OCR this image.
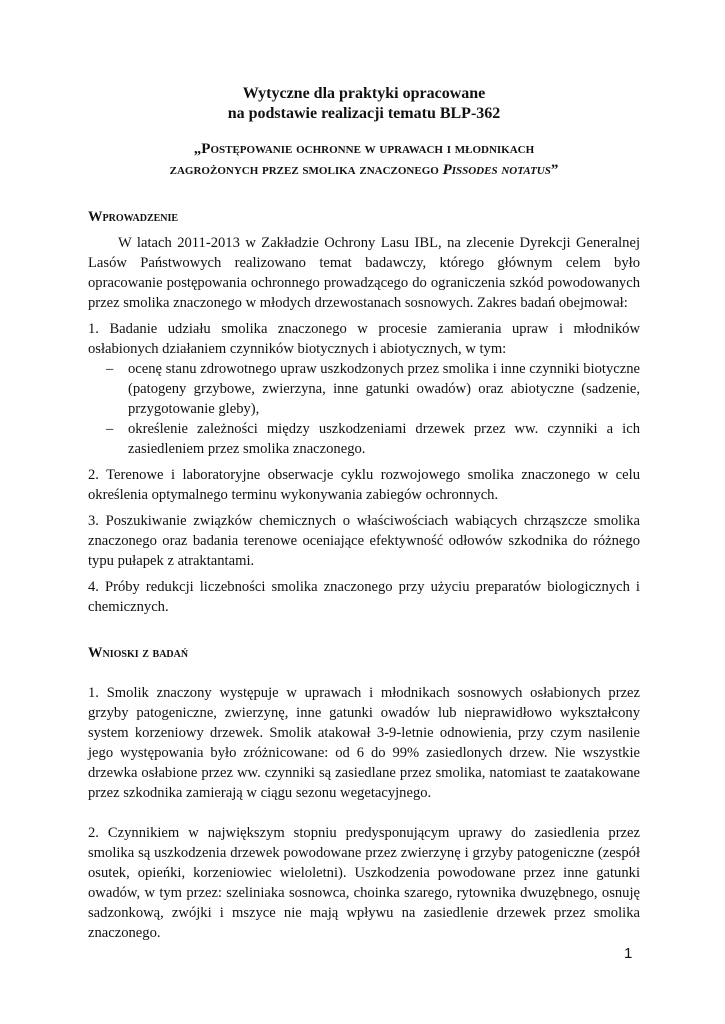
Wytyczne dla praktyki opracowane
na podstawie realizacji tematu BLP-362
„Postępowanie ochronne w uprawach i młodnikach
zagrożonych przez smolika znaczonego Pissodes notatus”
Wprowadzenie

W latach 2011-2013 w Zakładzie Ochrony Lasu IBL, na zlecenie Dyrekcji Generalnej Lasów Państwowych realizowano temat badawczy, którego głównym celem było opracowanie postępowania ochronnego prowadzącego do ograniczenia szkód powodowanych przez smolika znaczonego w młodych drzewostanach sosnowych. Zakres badań obejmował:

1. Badanie udziału smolika znaczonego w procesie zamierania upraw i młodników osłabionych działaniem czynników biotycznych i abiotycznych, w tym:

– ocenę stanu zdrowotnego upraw uszkodzonych przez smolika i inne czynniki biotyczne (patogeny grzybowe, zwierzyna, inne gatunki owadów) oraz abiotyczne (sadzenie, przygotowanie gleby),
– określenie zależności między uszkodzeniami drzewek przez ww. czynniki a ich zasiedleniem przez smolika znaczonego.

2. Terenowe i laboratoryjne obserwacje cyklu rozwojowego smolika znaczonego w celu określenia optymalnego terminu wykonywania zabiegów ochronnych.

3. Poszukiwanie związków chemicznych o właściwościach wabiących chrząszcze smolika znaczonego oraz badania terenowe oceniające efektywność odłowów szkodnika do różnego typu pułapek z atraktantami.

4. Próby redukcji liczebności smolika znaczonego przy użyciu preparatów biologicznych i chemicznych.

Wnioski z badań

1. Smolik znaczony występuje w uprawach i młodnikach sosnowych osłabionych przez grzyby patogeniczne, zwierzynę, inne gatunki owadów lub nieprawidłowo wykształcony system korzeniowy drzewek. Smolik atakował 3-9-letnie odnowienia, przy czym nasilenie jego występowania było zróżnicowane: od 6 do 99% zasiedlonych drzew. Nie wszystkie drzewka osłabione przez ww. czynniki są zasiedlane przez smolika, natomiast te zaatakowane przez szkodnika zamierają w ciągu sezonu wegetacyjnego.

2. Czynnikiem w największym stopniu predysponującym uprawy do zasiedlenia przez smolika są uszkodzenia drzewek powodowane przez zwierzynę i grzyby patogeniczne (zespół osutek, opieńki, korzeniowiec wieloletni). Uszkodzenia powodowane przez inne gatunki owadów, w tym przez: szeliniaka sosnowca, choinka szarego, rytownika dwuzębnego, osnuję sadzonkową, zwójki i mszyce nie mają wpływu na zasiedlenie drzewek przez smolika znaczonego.

1
